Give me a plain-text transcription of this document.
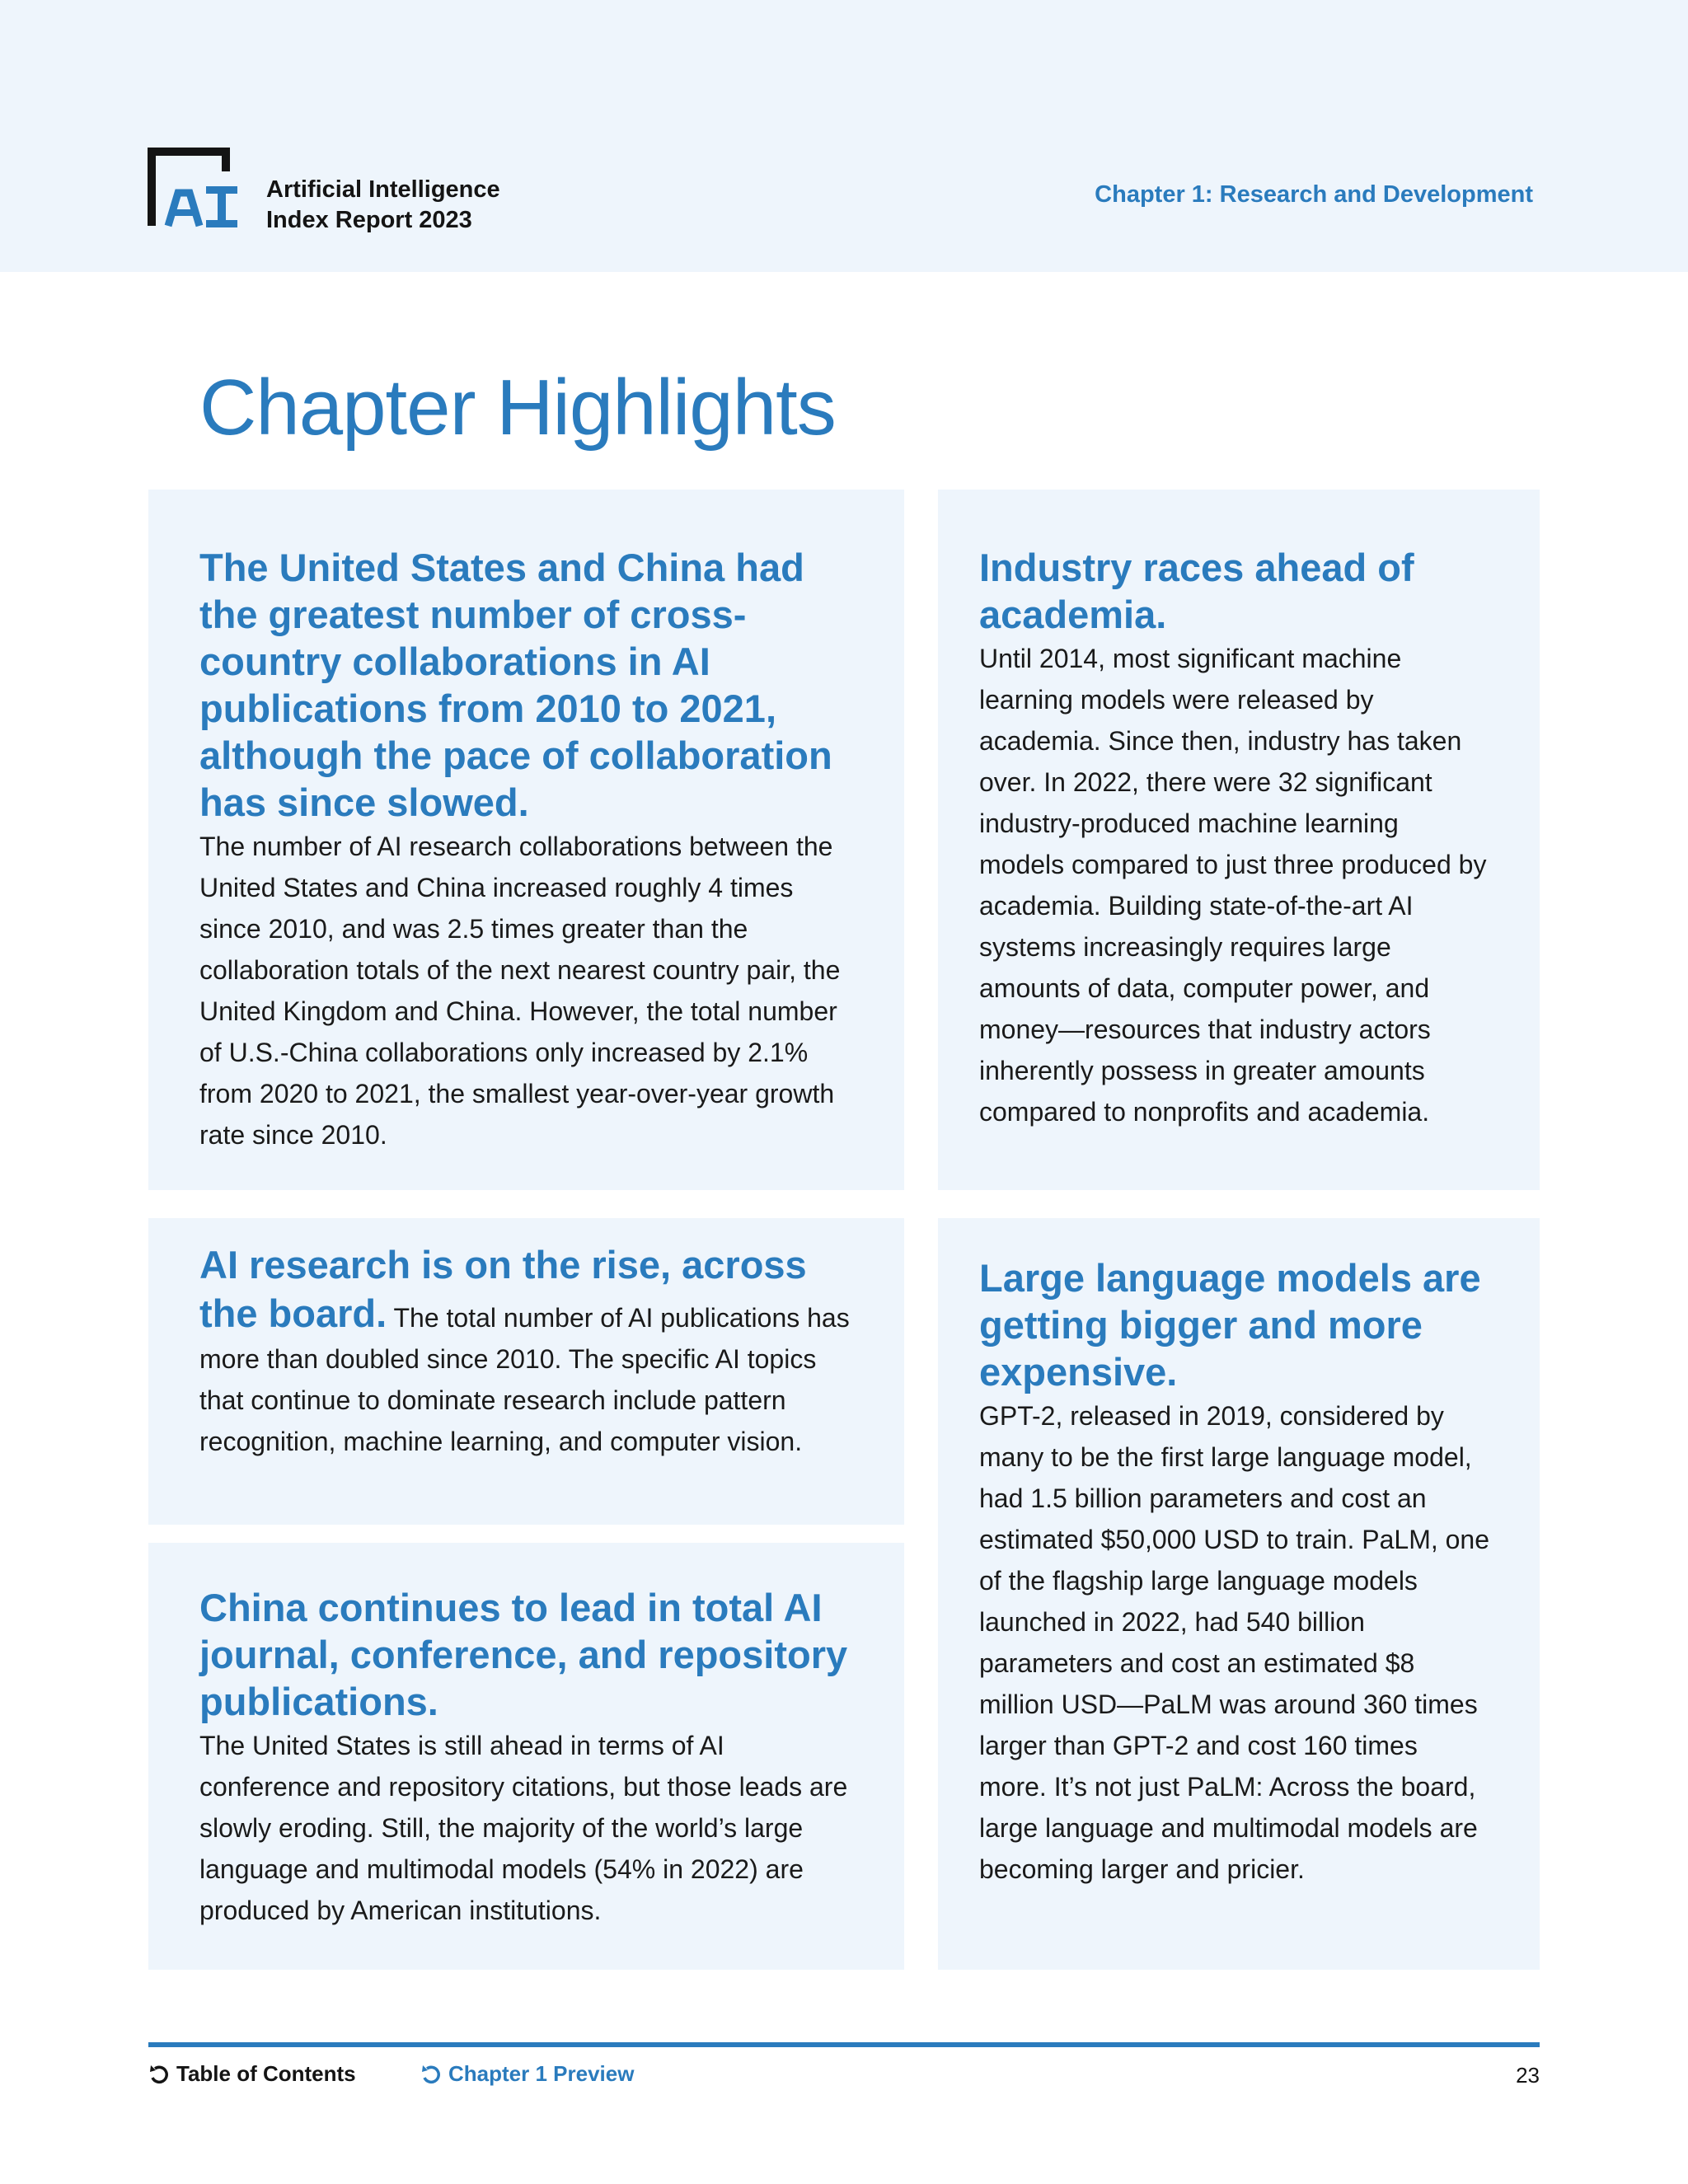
Artificial Intelligence
Index Report 2023
Chapter 1: Research and Development
Chapter Highlights
The United States and China had the greatest number of cross-country collaborations in AI publications from 2010 to 2021, although the pace of collaboration has since slowed.

The number of AI research collaborations between the United States and China increased roughly 4 times since 2010, and was 2.5 times greater than the collaboration totals of the next nearest country pair, the United Kingdom and China. However, the total number of U.S.-China collaborations only increased by 2.1% from 2020 to 2021, the smallest year-over-year growth rate since 2010.

Industry races ahead of academia.

Until 2014, most significant machine learning models were released by academia. Since then, industry has taken over. In 2022, there were 32 significant industry-produced machine learning models compared to just three produced by academia. Building state-of-the-art AI systems increasingly requires large amounts of data, computer power, and money—resources that industry actors inherently possess in greater amounts compared to nonprofits and academia.

AI research is on the rise, across the board. The total number of AI publications has more than doubled since 2010. The specific AI topics that continue to dominate research include pattern recognition, machine learning, and computer vision.

China continues to lead in total AI journal, conference, and repository publications.

The United States is still ahead in terms of AI conference and repository citations, but those leads are slowly eroding. Still, the majority of the world’s large language and multimodal models (54% in 2022) are produced by American institutions.

Large language models are getting bigger and more expensive.

GPT-2, released in 2019, considered by many to be the first large language model, had 1.5 billion parameters and cost an estimated $50,000 USD to train. PaLM, one of the flagship large language models launched in 2022, had 540 billion parameters and cost an estimated $8 million USD—PaLM was around 360 times larger than GPT-2 and cost 160 times more. It’s not just PaLM: Across the board, large language and multimodal models are becoming larger and pricier.

Table of Contents	Chapter 1 Preview	23
